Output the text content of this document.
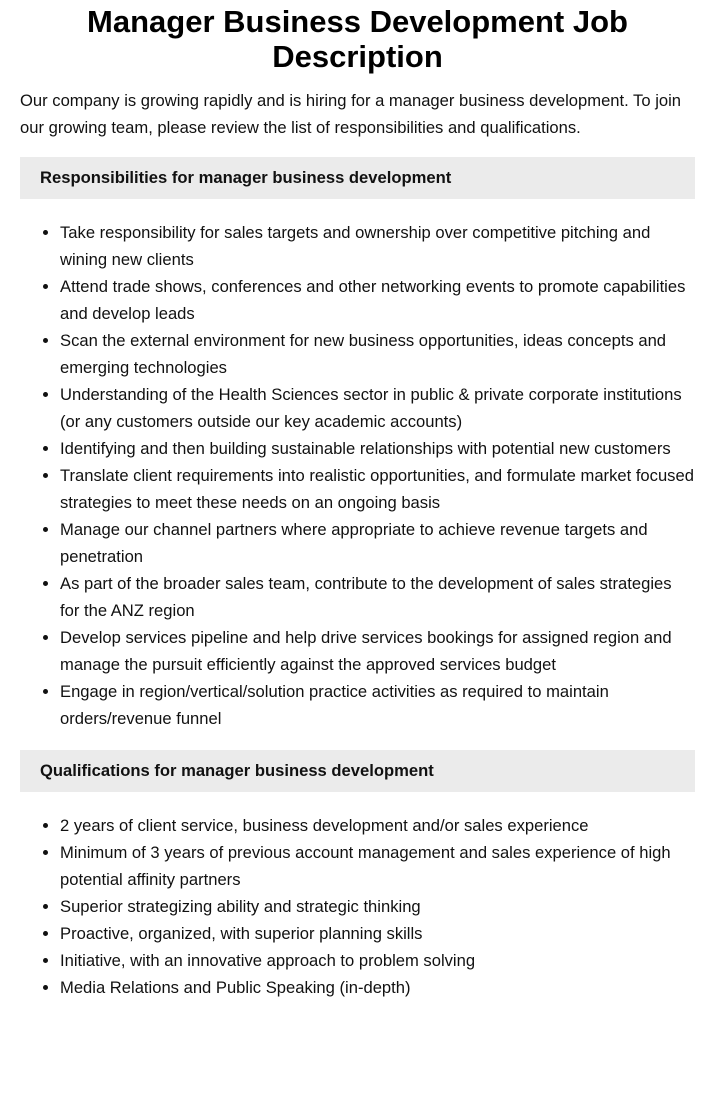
Manager Business Development Job Description

Our company is growing rapidly and is hiring for a manager business development. To join our growing team, please review the list of responsibilities and qualifications.

Responsibilities for manager business development
• Take responsibility for sales targets and ownership over competitive pitching and wining new clients
• Attend trade shows, conferences and other networking events to promote capabilities and develop leads
• Scan the external environment for new business opportunities, ideas concepts and emerging technologies
• Understanding of the Health Sciences sector in public & private corporate institutions (or any customers outside our key academic accounts)
• Identifying and then building sustainable relationships with potential new customers
• Translate client requirements into realistic opportunities, and formulate market focused strategies to meet these needs on an ongoing basis
• Manage our channel partners where appropriate to achieve revenue targets and penetration
• As part of the broader sales team, contribute to the development of sales strategies for the ANZ region
• Develop services pipeline and help drive services bookings for assigned region and manage the pursuit efficiently against the approved services budget
• Engage in region/vertical/solution practice activities as required to maintain orders/revenue funnel
Qualifications for manager business development
• 2 years of client service, business development and/or sales experience
• Minimum of 3 years of previous account management and sales experience of high potential affinity partners
• Superior strategizing ability and strategic thinking
• Proactive, organized, with superior planning skills
• Initiative, with an innovative approach to problem solving
• Media Relations and Public Speaking (in-depth)
